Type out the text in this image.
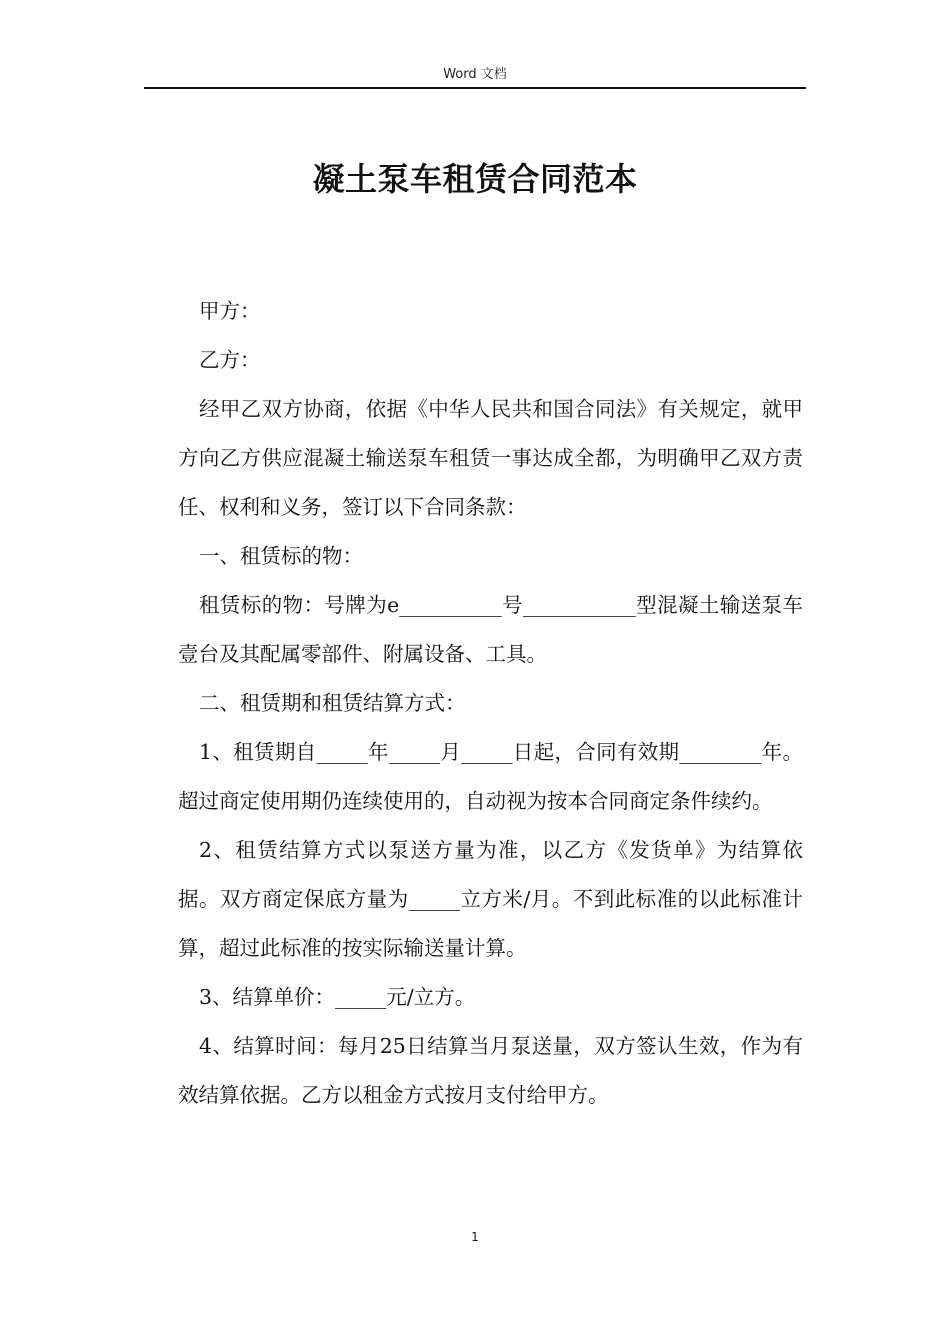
Word 文档
凝土泵车租赁合同范本

甲方：

乙方：

经甲乙双方协商，依据《中华人民共和国合同法》有关规定，就甲方向乙方供应混凝土输送泵车租赁一事达成全都，为明确甲乙双方责任、权利和义务，签订以下合同条款：

一、租赁标的物：

租赁标的物：号牌为e__________号___________型混凝土输送泵车壹台及其配属零部件、附属设备、工具。

二、租赁期和租赁结算方式：

1、租赁期自_____年_____月_____日起，合同有效期________年。超过商定使用期仍连续使用的，自动视为按本合同商定条件续约。

2、租赁结算方式以泵送方量为准，以乙方《发货单》为结算依据。双方商定保底方量为_____立方米/月。不到此标准的以此标准计算，超过此标准的按实际输送量计算。

3、结算单价：_____元/立方。

4、结算时间：每月25日结算当月泵送量，双方签认生效，作为有效结算依据。乙方以租金方式按月支付给甲方。

1
